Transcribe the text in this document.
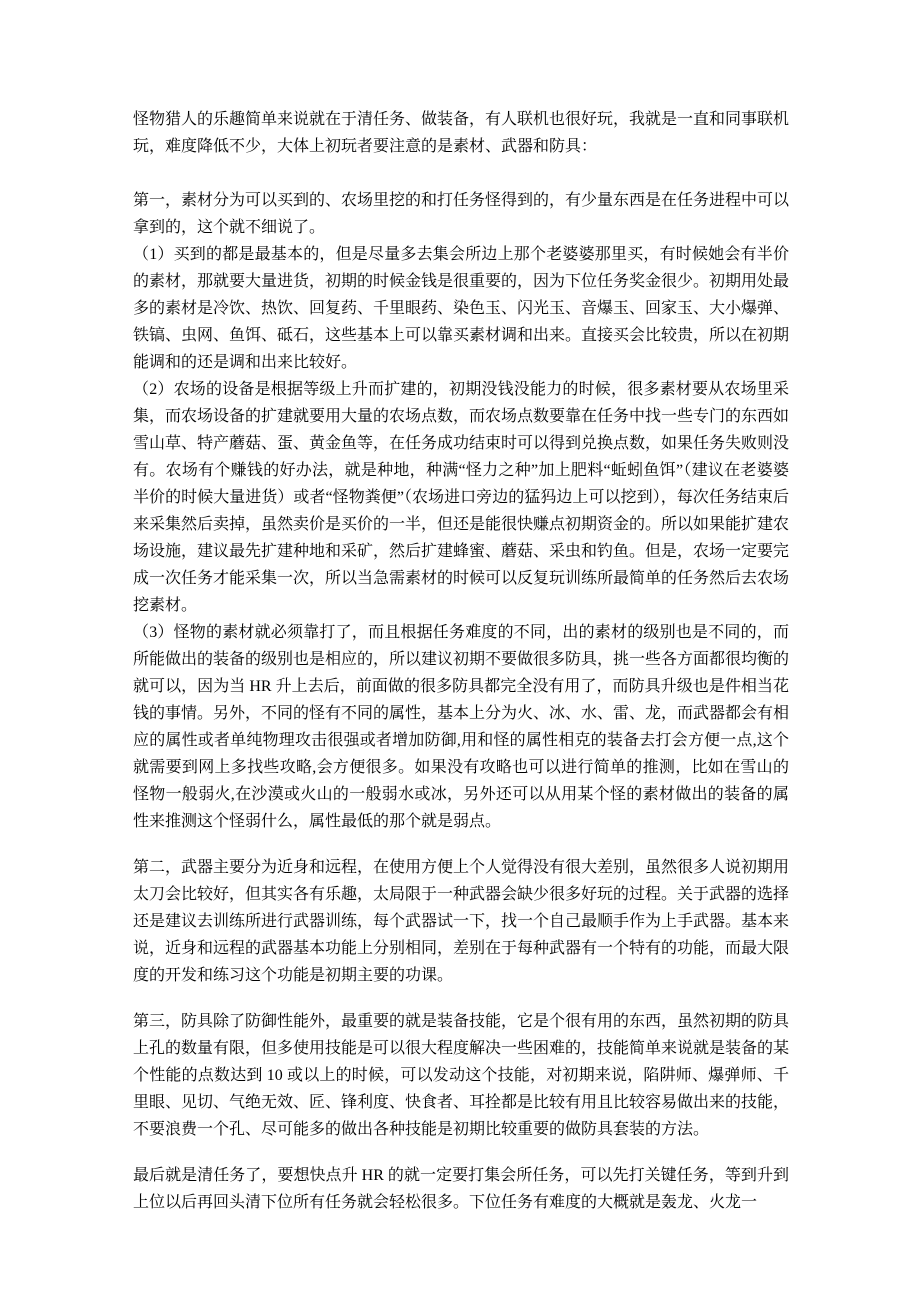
怪物猎人的乐趣简单来说就在于清任务、做装备，有人联机也很好玩，我就是一直和同事联机玩，难度降低不少，大体上初玩者要注意的是素材、武器和防具：

第一，素材分为可以买到的、农场里挖的和打任务怪得到的，有少量东西是在任务进程中可以拿到的，这个就不细说了。

（1）买到的都是最基本的，但是尽量多去集会所边上那个老婆婆那里买，有时候她会有半价的素材，那就要大量进货，初期的时候金钱是很重要的，因为下位任务奖金很少。初期用处最多的素材是冷饮、热饮、回复药、千里眼药、染色玉、闪光玉、音爆玉、回家玉、大小爆弹、铁镐、虫网、鱼饵、砥石，这些基本上可以靠买素材调和出来。直接买会比较贵，所以在初期能调和的还是调和出来比较好。

（2）农场的设备是根据等级上升而扩建的，初期没钱没能力的时候，很多素材要从农场里采集，而农场设备的扩建就要用大量的农场点数，而农场点数要靠在任务中找一些专门的东西如雪山草、特产蘑菇、蛋、黄金鱼等，在任务成功结束时可以得到兑换点数，如果任务失败则没有。农场有个赚钱的好办法，就是种地，种满“怪力之种”加上肥料“蚯蚓鱼饵”（建议在老婆婆半价的时候大量进货）或者“怪物粪便”（农场进口旁边的猛犸边上可以挖到），每次任务结束后来采集然后卖掉，虽然卖价是买价的一半，但还是能很快赚点初期资金的。所以如果能扩建农场设施，建议最先扩建种地和采矿，然后扩建蜂蜜、蘑菇、采虫和钓鱼。但是，农场一定要完成一次任务才能采集一次，所以当急需素材的时候可以反复玩训练所最简单的任务然后去农场挖素材。

（3）怪物的素材就必须靠打了，而且根据任务难度的不同，出的素材的级别也是不同的，而所能做出的装备的级别也是相应的，所以建议初期不要做很多防具，挑一些各方面都很均衡的就可以，因为当 HR 升上去后，前面做的很多防具都完全没有用了，而防具升级也是件相当花钱的事情。另外，不同的怪有不同的属性，基本上分为火、冰、水、雷、龙，而武器都会有相应的属性或者单纯物理攻击很强或者增加防御,用和怪的属性相克的装备去打会方便一点,这个就需要到网上多找些攻略,会方便很多。如果没有攻略也可以进行简单的推测，比如在雪山的怪物一般弱火,在沙漠或火山的一般弱水或冰，另外还可以从用某个怪的素材做出的装备的属性来推测这个怪弱什么，属性最低的那个就是弱点。

第二，武器主要分为近身和远程，在使用方便上个人觉得没有很大差别，虽然很多人说初期用太刀会比较好，但其实各有乐趣，太局限于一种武器会缺少很多好玩的过程。关于武器的选择还是建议去训练所进行武器训练，每个武器试一下，找一个自己最顺手作为上手武器。基本来说，近身和远程的武器基本功能上分别相同，差别在于每种武器有一个特有的功能，而最大限度的开发和练习这个功能是初期主要的功课。

第三，防具除了防御性能外，最重要的就是装备技能，它是个很有用的东西，虽然初期的防具上孔的数量有限，但多使用技能是可以很大程度解决一些困难的，技能简单来说就是装备的某个性能的点数达到 10 或以上的时候，可以发动这个技能，对初期来说，陷阱师、爆弹师、千里眼、见切、气绝无效、匠、锋利度、快食者、耳拴都是比较有用且比较容易做出来的技能，不要浪费一个孔、尽可能多的做出各种技能是初期比较重要的做防具套装的方法。

最后就是清任务了，要想快点升 HR 的就一定要打集会所任务，可以先打关键任务，等到升到上位以后再回头清下位所有任务就会轻松很多。下位任务有难度的大概就是轰龙、火龙一
